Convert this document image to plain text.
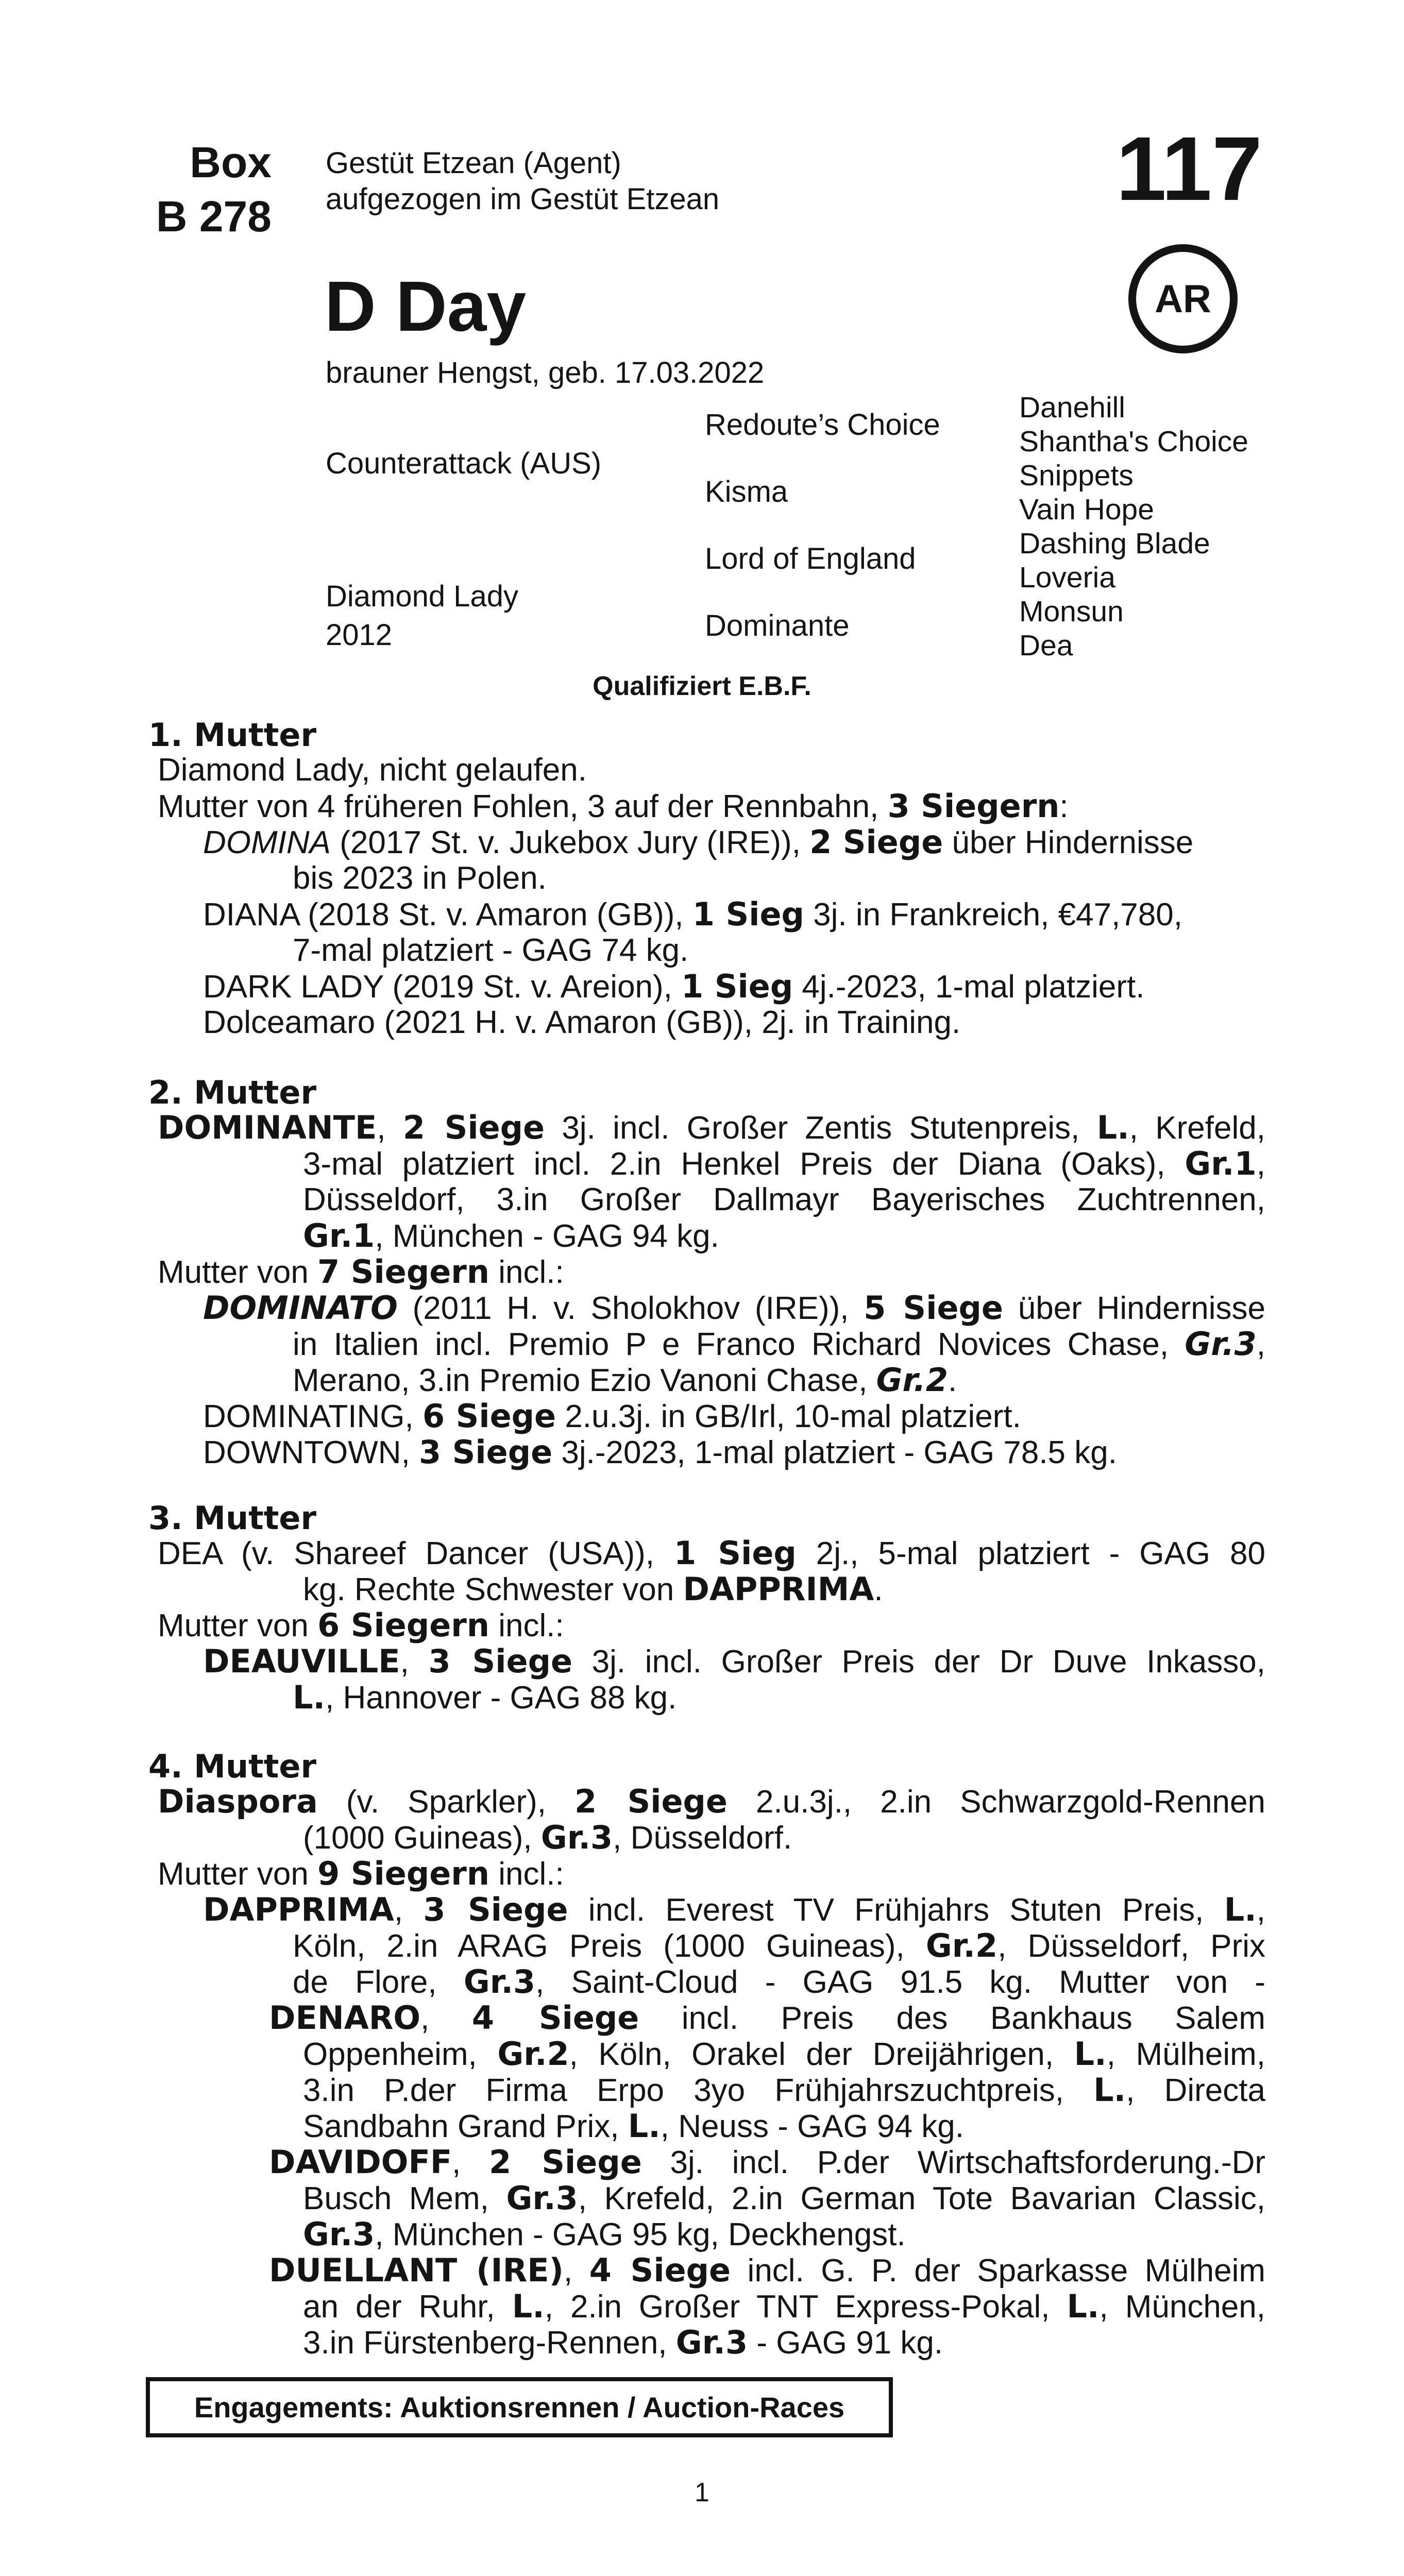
Box
B 278
Gestüt Etzean (Agent)
aufgezogen im Gestüt Etzean	117
AR
D Day
brauner Hengst, geb. 17.03.2022
Counterattack (AUS)
Diamond Lady
2012
Redoute’s Choice
Kisma
Lord of England
Dominante
Danehill
Shantha's Choice
Snippets
Vain Hope
Dashing Blade
Loveria
Monsun
Dea
Qualifiziert E.B.F.
1. Mutter
Diamond Lady, nicht gelaufen.
Mutter von 4 früheren Fohlen, 3 auf der Rennbahn, 3 Siegern:
DOMINA (2017 St. v. Jukebox Jury (IRE)), 2 Siege über Hindernisse
bis 2023 in Polen.
DIANA (2018 St. v. Amaron (GB)), 1 Sieg 3j. in Frankreich, €47,780,
7-mal platziert - GAG 74 kg.
DARK LADY (2019 St. v. Areion), 1 Sieg 4j.-2023, 1-mal platziert.
Dolceamaro (2021 H. v. Amaron (GB)), 2j. in Training.
2. Mutter
DOMINANTE, 2 Siege 3j. incl. Großer Zentis Stutenpreis, L., Krefeld,
3-mal platziert incl. 2.in Henkel Preis der Diana (Oaks), Gr.1,
Düsseldorf, 3.in Großer Dallmayr Bayerisches Zuchtrennen,
Gr.1, München - GAG 94 kg.
Mutter von 7 Siegern incl.:
DOMINATO (2011 H. v. Sholokhov (IRE)), 5 Siege über Hindernisse
in Italien incl. Premio P e Franco Richard Novices Chase, Gr.3,
Merano, 3.in Premio Ezio Vanoni Chase, Gr.2.
DOMINATING, 6 Siege 2.u.3j. in GB/Irl, 10-mal platziert.
DOWNTOWN, 3 Siege 3j.-2023, 1-mal platziert - GAG 78.5 kg.
3. Mutter
DEA (v. Shareef Dancer (USA)), 1 Sieg 2j., 5-mal platziert - GAG 80
kg. Rechte Schwester von DAPPRIMA.
Mutter von 6 Siegern incl.:
DEAUVILLE, 3 Siege 3j. incl. Großer Preis der Dr Duve Inkasso,
L., Hannover - GAG 88 kg.
4. Mutter
Diaspora (v. Sparkler), 2 Siege 2.u.3j., 2.in Schwarzgold-Rennen
(1000 Guineas), Gr.3, Düsseldorf.
Mutter von 9 Siegern incl.:
DAPPRIMA, 3 Siege incl. Everest TV Frühjahrs Stuten Preis, L.,
Köln, 2.in ARAG Preis (1000 Guineas), Gr.2, Düsseldorf, Prix
de Flore, Gr.3, Saint-Cloud - GAG 91.5 kg. Mutter von -
DENARO, 4 Siege incl. Preis des Bankhaus Salem
Oppenheim, Gr.2, Köln, Orakel der Dreijährigen, L., Mülheim,
3.in P.der Firma Erpo 3yo Frühjahrszuchtpreis, L., Directa
Sandbahn Grand Prix, L., Neuss - GAG 94 kg.
DAVIDOFF, 2 Siege 3j. incl. P.der Wirtschaftsforderung.-Dr
Busch Mem, Gr.3, Krefeld, 2.in German Tote Bavarian Classic,
Gr.3, München - GAG 95 kg, Deckhengst.
DUELLANT (IRE), 4 Siege incl. G. P. der Sparkasse Mülheim
an der Ruhr, L., 2.in Großer TNT Express-Pokal, L., München,
3.in Fürstenberg-Rennen, Gr.3 - GAG 91 kg.
Engagements: Auktionsrennen / Auction-Races
1
